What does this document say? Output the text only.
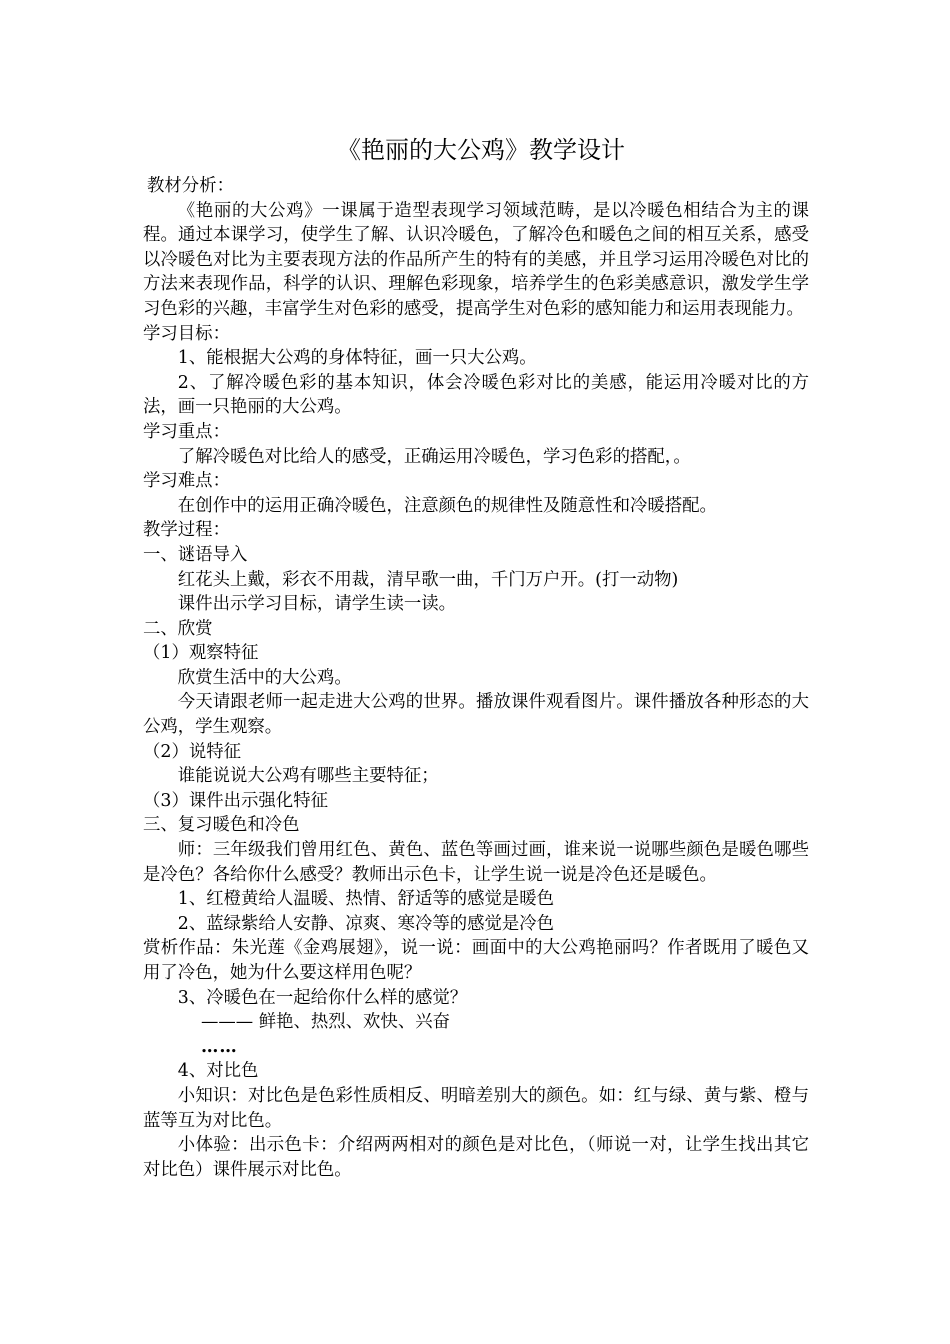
《艳丽的大公鸡》教学设计
教材分析：

《艳丽的大公鸡》一课属于造型表现学习领域范畴，是以冷暖色相结合为主的课程。通过本课学习，使学生了解、认识冷暖色，了解冷色和暖色之间的相互关系，感受以冷暖色对比为主要表现方法的作品所产生的特有的美感，并且学习运用冷暖色对比的方法来表现作品，科学的认识、理解色彩现象，培养学生的色彩美感意识，激发学生学习色彩的兴趣，丰富学生对色彩的感受，提高学生对色彩的感知能力和运用表现能力。

学习目标：
1、能根据大公鸡的身体特征，画一只大公鸡。

2、了解冷暖色彩的基本知识，体会冷暖色彩对比的美感，能运用冷暖对比的方法，画一只艳丽的大公鸡。

学习重点：
了解冷暖色对比给人的感受，正确运用冷暖色，学习色彩的搭配，。
学习难点：
在创作中的运用正确冷暖色，注意颜色的规律性及随意性和冷暖搭配。
教学过程：
一、谜语导入
红花头上戴，彩衣不用裁，清早歌一曲，千门万户开。(打一动物)
课件出示学习目标，请学生读一读。
二、欣赏
（1）观察特征
欣赏生活中的大公鸡。

今天请跟老师一起走进大公鸡的世界。播放课件观看图片。课件播放各种形态的大公鸡，学生观察。

（2）说特征
谁能说说大公鸡有哪些主要特征；
（3）课件出示强化特征
三、复习暖色和冷色

师：三年级我们曾用红色、黄色、蓝色等画过画，谁来说一说哪些颜色是暖色哪些是冷色？各给你什么感受？教师出示色卡，让学生说一说是冷色还是暖色。

1、红橙黄给人温暖、热情、舒适等的感觉是暖色
2、蓝绿紫给人安静、凉爽、寒冷等的感觉是冷色

赏析作品：朱光莲《金鸡展翅》，说一说：画面中的大公鸡艳丽吗？作者既用了暖色又用了冷色，她为什么要这样用色呢？

3、冷暖色在一起给你什么样的感觉？
——— 鲜艳、热烈、欢快、兴奋
……
4、对比色

小知识：对比色是色彩性质相反、明暗差别大的颜色。如：红与绿、黄与紫、橙与蓝等互为对比色。

小体验：出示色卡：介绍两两相对的颜色是对比色，（师说一对，让学生找出其它对比色）课件展示对比色。
